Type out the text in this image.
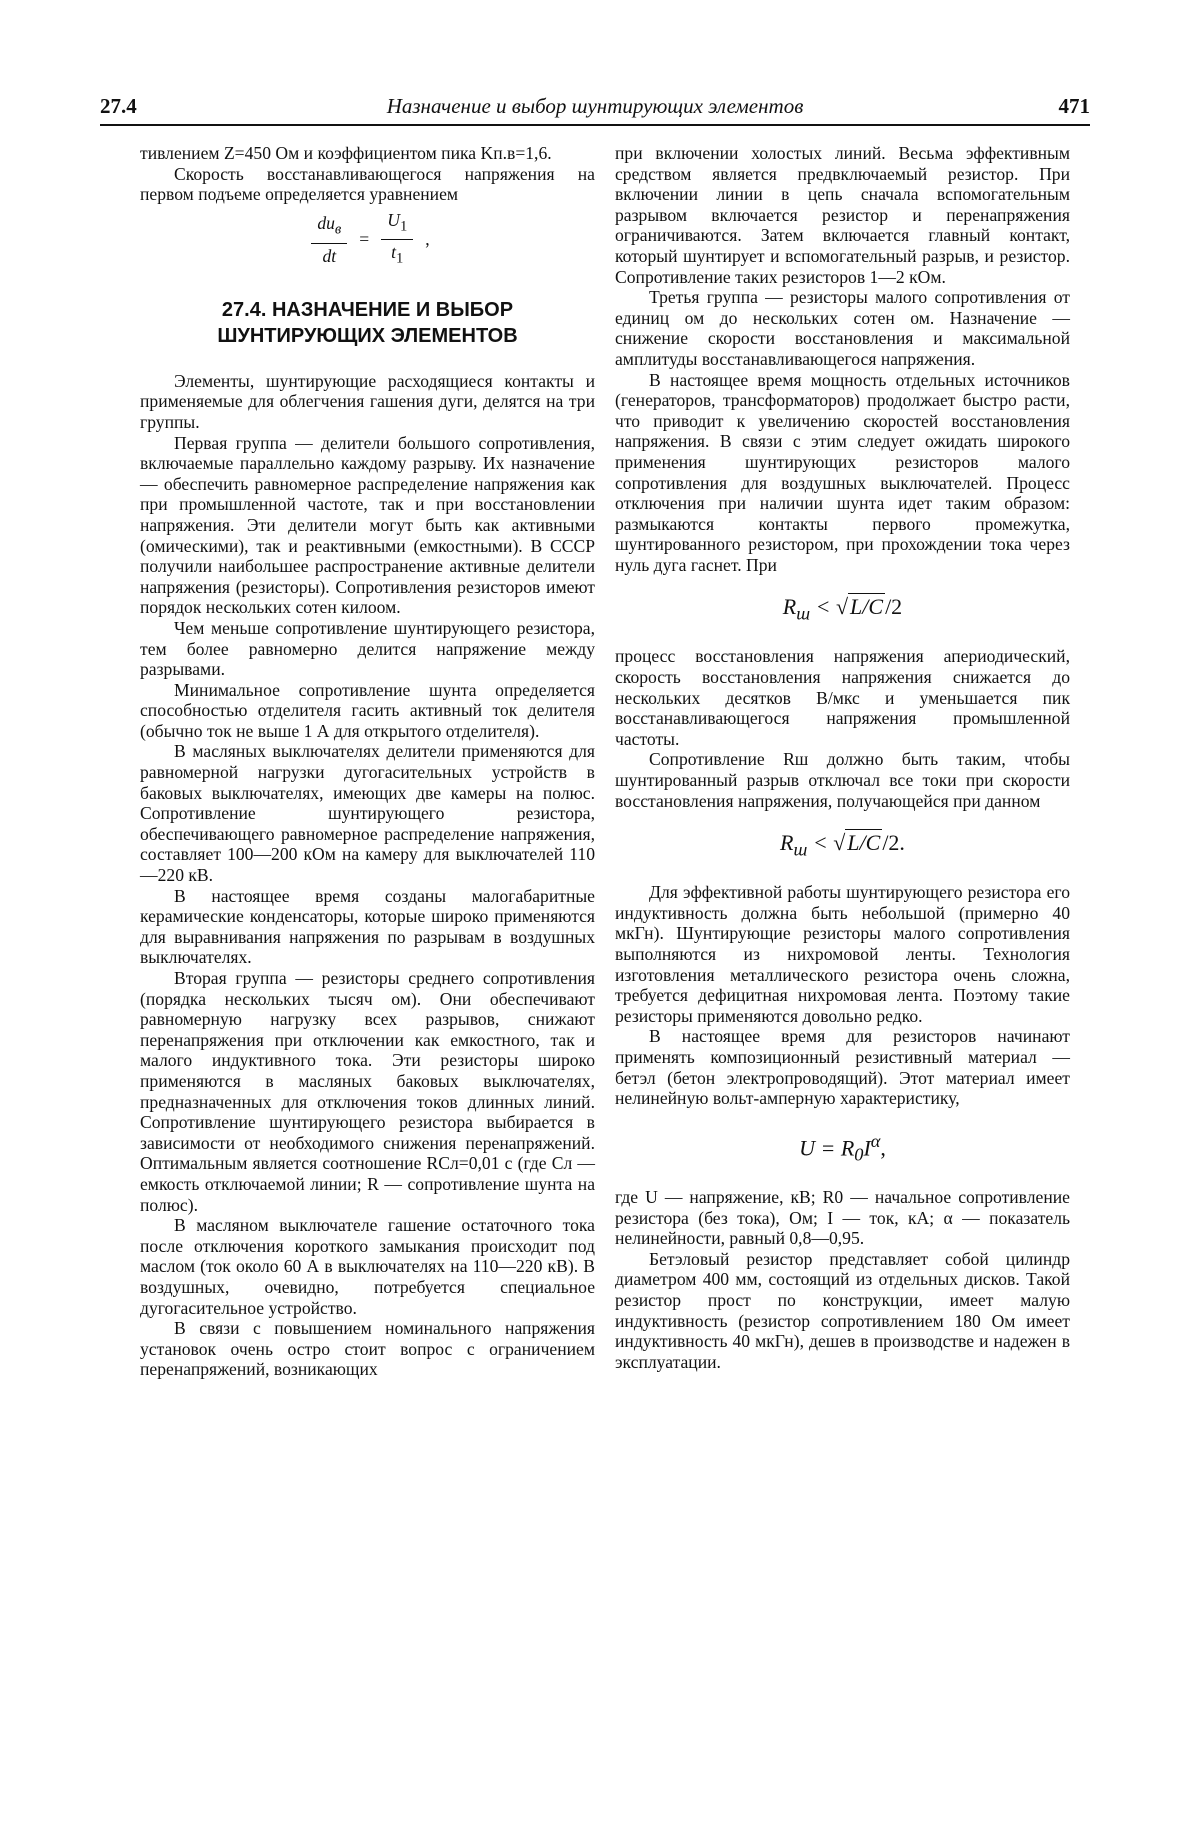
27.4	Назначение и выбор шунтирующих элементов	471

тивлением Z=450 Ом и коэффициентом пика Kп.в=1,6.

Скорость восстанавливающегося напряжения на первом подъеме определяется уравнением

$\frac{du_в}{dt} = \frac{U_1}{t_1}$ ,
27.4. НАЗНАЧЕНИЕ И ВЫБОР
ШУНТИРУЮЩИХ ЭЛЕМЕНТОВ

Элементы, шунтирующие расходящиеся контакты и применяемые для облегчения гашения дуги, делятся на три группы.

Первая группа — делители большого сопротивления, включаемые параллельно каждому разрыву. Их назначение — обеспечить равномерное распределение напряжения как при промышленной частоте, так и при восстановлении напряжения. Эти делители могут быть как активными (омическими), так и реактивными (емкостными). В СССР получили наибольшее распространение активные делители напряжения (резисторы). Сопротивления резисторов имеют порядок нескольких сотен килоом.

Чем меньше сопротивление шунтирующего резистора, тем более равномерно делится напряжение между разрывами.

Минимальное сопротивление шунта определяется способностью отделителя гасить активный ток делителя (обычно ток не выше 1 А для открытого отделителя).

В масляных выключателях делители применяются для равномерной нагрузки дугогасительных устройств в баковых выключателях, имеющих две камеры на полюс. Сопротивление шунтирующего резистора, обеспечивающего равномерное распределение напряжения, составляет 100—200 кОм на камеру для выключателей 110—220 кВ.

В настоящее время созданы малогабаритные керамические конденсаторы, которые широко применяются для выравнивания напряжения по разрывам в воздушных выключателях.

Вторая группа — резисторы среднего сопротивления (порядка нескольких тысяч ом). Они обеспечивают равномерную нагрузку всех разрывов, снижают перенапряжения при отключении как емкостного, так и малого индуктивного тока. Эти резисторы широко применяются в масляных баковых выключателях, предназначенных для отключения токов длинных линий. Сопротивление шунтирующего резистора выбирается в зависимости от необходимого снижения перенапряжений. Оптимальным является соотношение RCл=0,01 с (где Cл — емкость отключаемой линии; R — сопротивление шунта на полюс).

В масляном выключателе гашение остаточного тока после отключения короткого замыкания происходит под маслом (ток около 60 А в выключателях на 110—220 кВ). В воздушных, очевидно, потребуется специальное дугогасительное устройство.

В связи с повышением номинального напряжения установок очень остро стоит вопрос с ограничением перенапряжений, возникающих

при включении холостых линий. Весьма эффективным средством является предвключаемый резистор. При включении линии в цепь сначала вспомогательным разрывом включается резистор и перенапряжения ограничиваются. Затем включается главный контакт, который шунтирует и вспомогательный разрыв, и резистор. Сопротивление таких резисторов 1—2 кОм.

Третья группа — резисторы малого сопротивления от единиц ом до нескольких сотен ом. Назначение — снижение скорости восстановления и максимальной амплитуды восстанавливающегося напряжения.

В настоящее время мощность отдельных источников (генераторов, трансформаторов) продолжает быстро расти, что приводит к увеличению скоростей восстановления напряжения. В связи с этим следует ожидать широкого применения шунтирующих резисторов малого сопротивления для воздушных выключателей. Процесс отключения при наличии шунта идет таким образом: размыкаются контакты первого промежутка, шунтированного резистором, при прохождении тока через нуль дуга гаснет. При

$R_ш < √L/C/2$

процесс восстановления напряжения апериодический, скорость восстановления напряжения снижается до нескольких десятков В/мкс и уменьшается пик восстанавливающегося напряжения промышленной частоты.

Сопротивление Rш должно быть таким, чтобы шунтированный разрыв отключал все токи при скорости восстановления напряжения, получающейся при данном

$R_ш < √L/C/2$.

Для эффективной работы шунтирующего резистора его индуктивность должна быть небольшой (примерно 40 мкГн). Шунтирующие резисторы малого сопротивления выполняются из нихромовой ленты. Технология изготовления металлического резистора очень сложна, требуется дефицитная нихромовая лента. Поэтому такие резисторы применяются довольно редко.

В настоящее время для резисторов начинают применять композиционный резистивный материал — бетэл (бетон электропроводящий). Этот материал имеет нелинейную вольт-амперную характеристику,

$U = R_0I^\alpha$,

где U — напряжение, кВ; R0 — начальное сопротивление резистора (без тока), Ом; I — ток, кА; α — показатель нелинейности, равный 0,8—0,95.

Бетэловый резистор представляет собой цилиндр диаметром 400 мм, состоящий из отдельных дисков. Такой резистор прост по конструкции, имеет малую индуктивность (резистор сопротивлением 180 Ом имеет индуктивность 40 мкГн), дешев в производстве и надежен в эксплуатации.
